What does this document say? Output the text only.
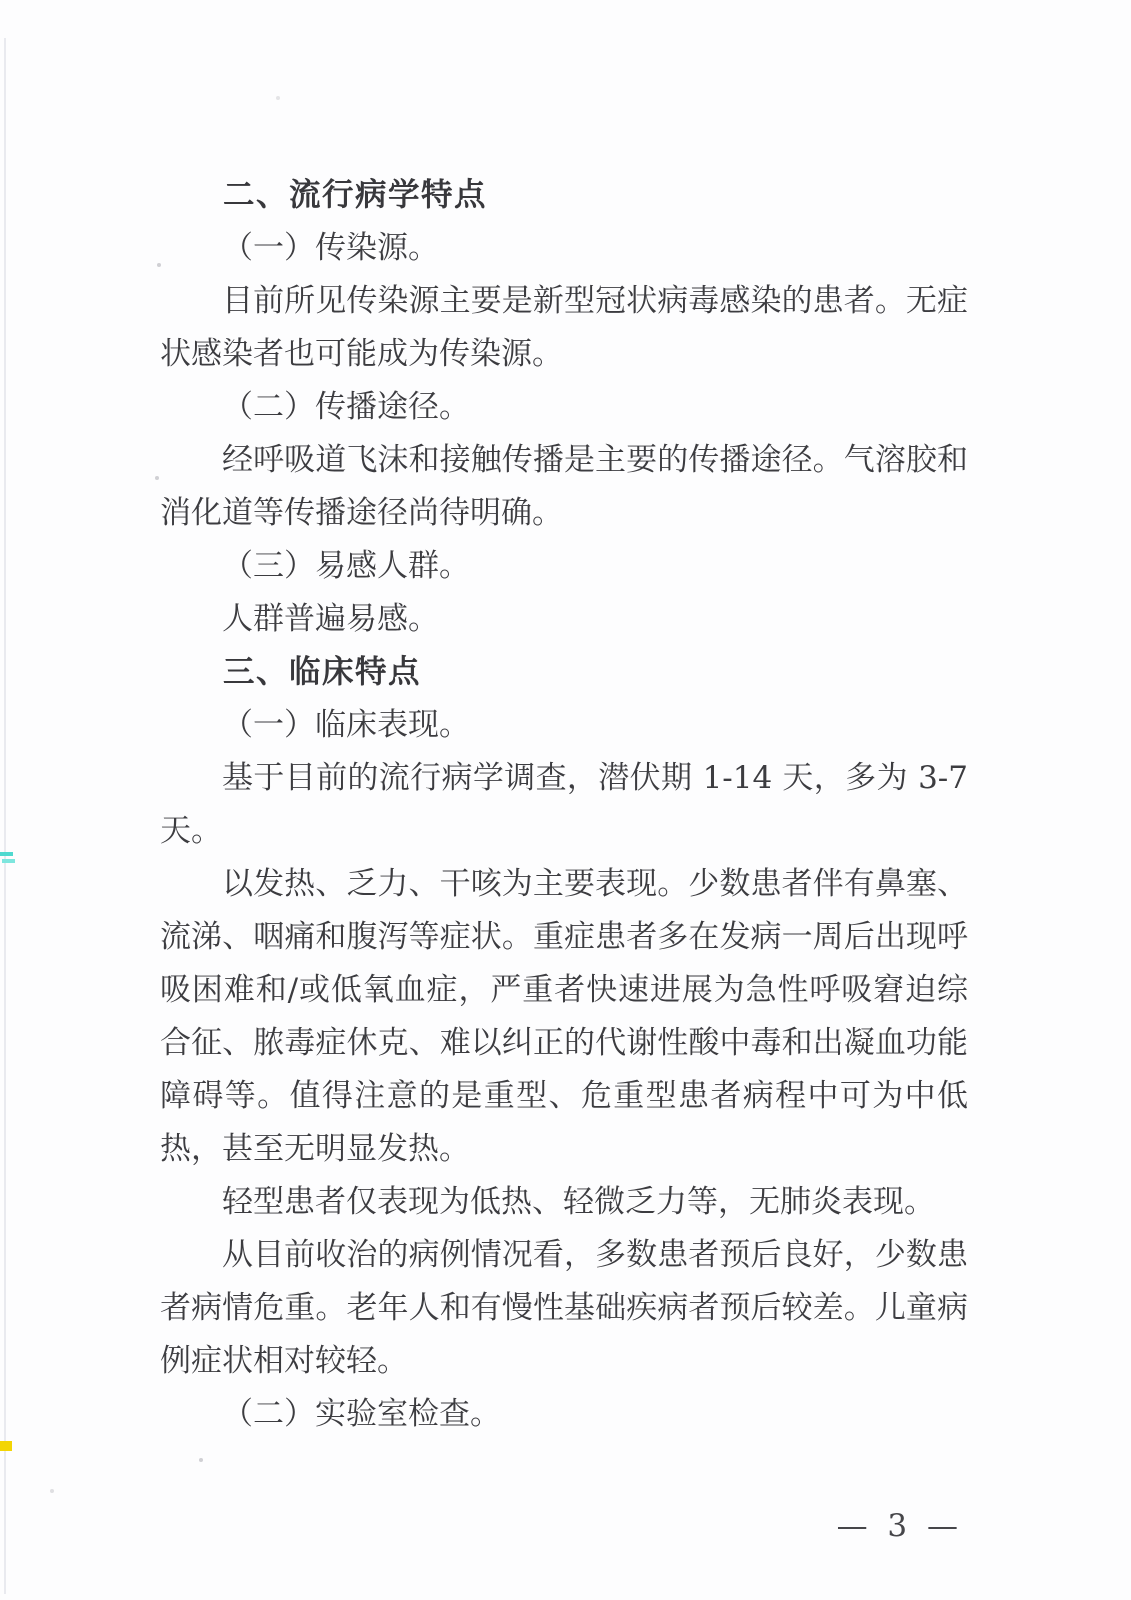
二、流行病学特点

（一）传染源。

目前所见传染源主要是新型冠状病毒感染的患者。无症状感染者也可能成为传染源。

（二）传播途径。

经呼吸道飞沫和接触传播是主要的传播途径。气溶胶和消化道等传播途径尚待明确。

（三）易感人群。

人群普遍易感。

三、临床特点

（一）临床表现。

基于目前的流行病学调查，潜伏期 1-14 天，多为 3-7 天。

以发热、乏力、干咳为主要表现。少数患者伴有鼻塞、流涕、咽痛和腹泻等症状。重症患者多在发病一周后出现呼吸困难和/或低氧血症，严重者快速进展为急性呼吸窘迫综合征、脓毒症休克、难以纠正的代谢性酸中毒和出凝血功能障碍等。值得注意的是重型、危重型患者病程中可为中低热，甚至无明显发热。

轻型患者仅表现为低热、轻微乏力等，无肺炎表现。

从目前收治的病例情况看，多数患者预后良好，少数患者病情危重。老年人和有慢性基础疾病者预后较差。儿童病例症状相对较轻。

（二）实验室检查。

— 3 —
